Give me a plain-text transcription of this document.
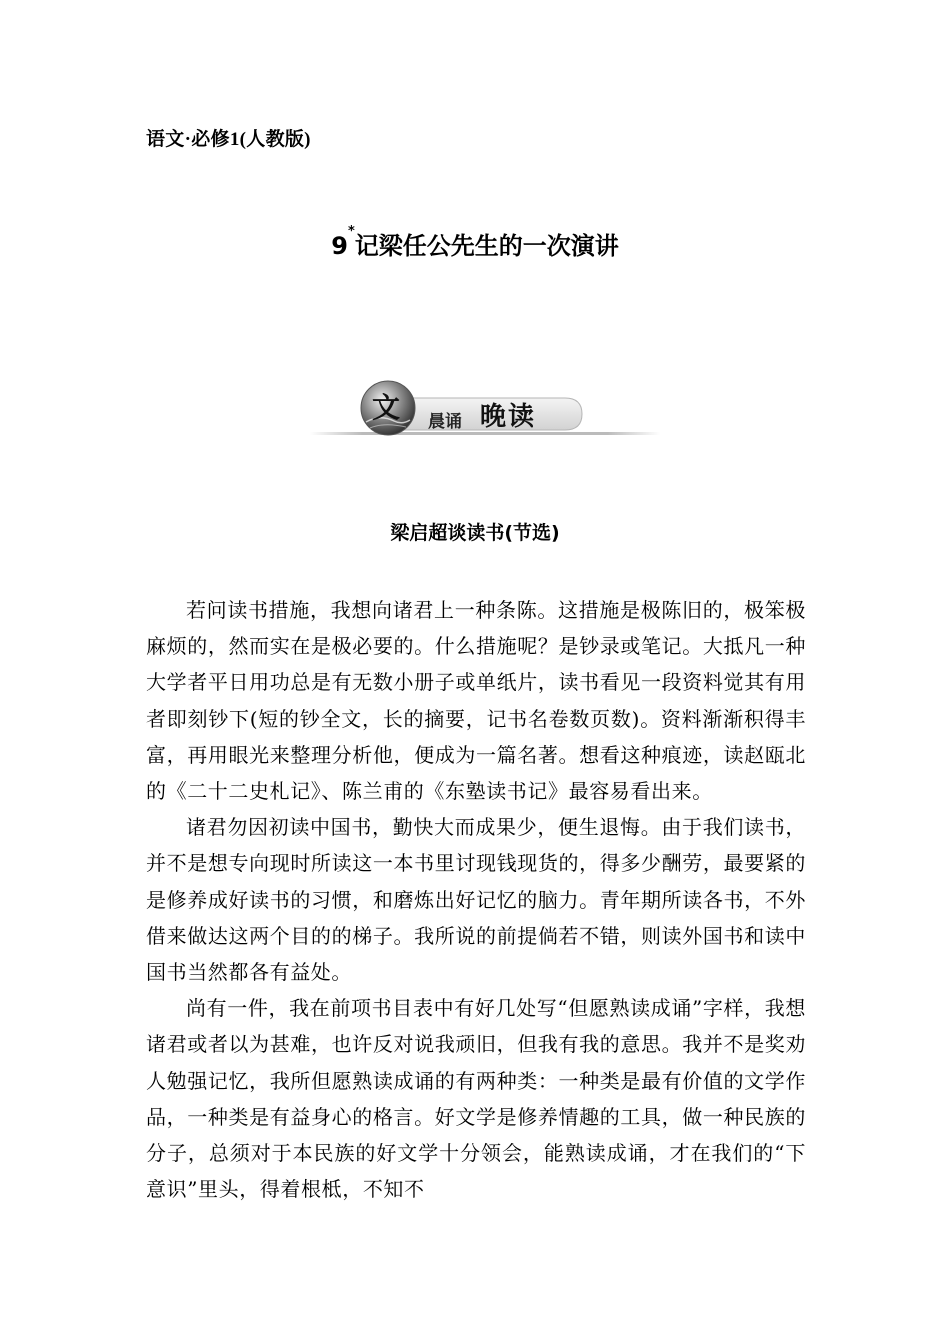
语文·必修1(人教版)
9*记梁任公先生的一次演讲
文 晨诵 晚读
梁启超谈读书(节选)

若问读书措施，我想向诸君上一种条陈。这措施是极陈旧的，极笨极麻烦的，然而实在是极必要的。什么措施呢？是钞录或笔记。大抵凡一种大学者平日用功总是有无数小册子或单纸片，读书看见一段资料觉其有用者即刻钞下(短的钞全文，长的摘要，记书名卷数页数)。资料渐渐积得丰富，再用眼光来整理分析他，便成为一篇名著。想看这种痕迹，读赵瓯北的《二十二史札记》、陈兰甫的《东塾读书记》最容易看出来。

诸君勿因初读中国书，勤快大而成果少，便生退悔。由于我们读书，并不是想专向现时所读这一本书里讨现钱现货的，得多少酬劳，最要紧的是修养成好读书的习惯，和磨炼出好记忆的脑力。青年期所读各书，不外借来做达这两个目的的梯子。我所说的前提倘若不错，则读外国书和读中国书当然都各有益处。

尚有一件，我在前项书目表中有好几处写“但愿熟读成诵”字样，我想诸君或者以为甚难，也许反对说我顽旧，但我有我的意思。我并不是奖劝人勉强记忆，我所但愿熟读成诵的有两种类：一种类是最有价值的文学作品，一种类是有益身心的格言。好文学是修养情趣的工具，做一种民族的分子，总须对于本民族的好文学十分领会，能熟读成诵，才在我们的“下意识”里头，得着根柢，不知不
